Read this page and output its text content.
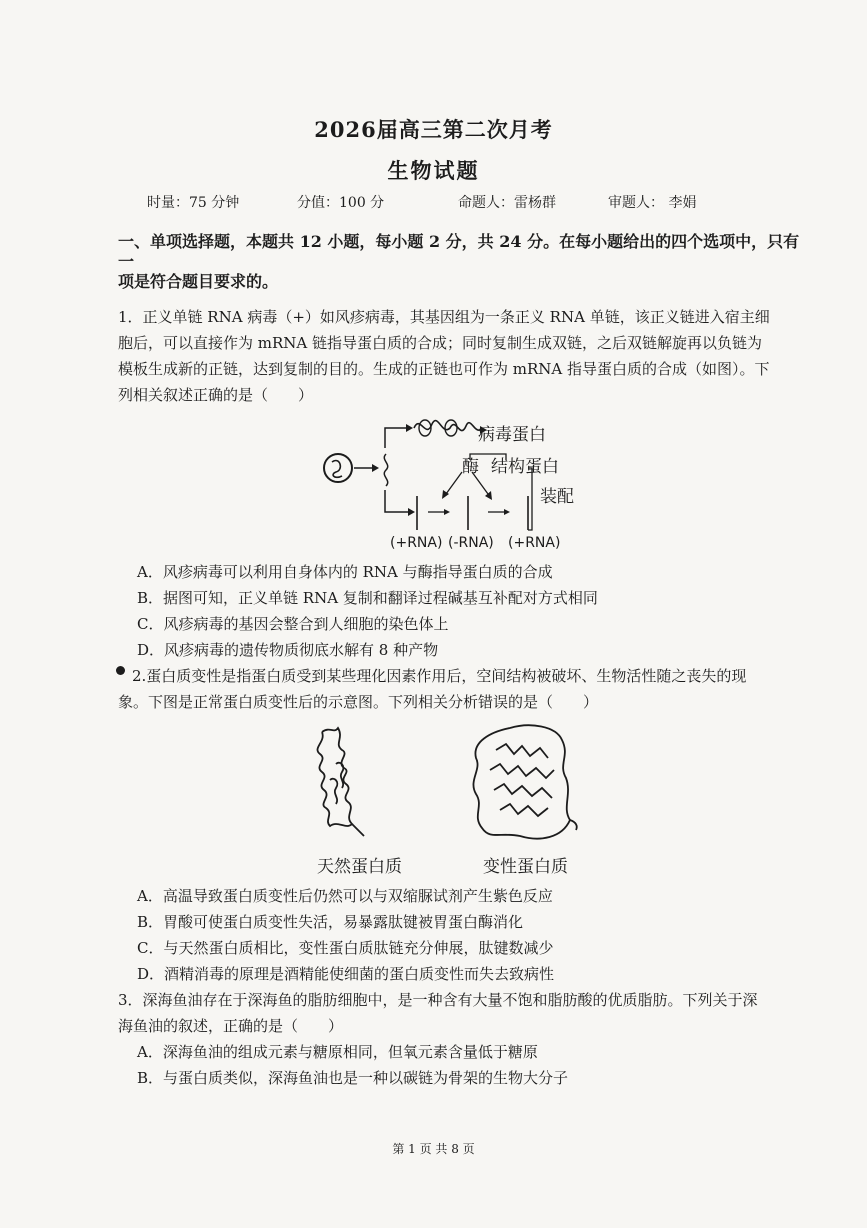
2026届高三第二次月考
生物试题
时量：75 分钟	分值：100 分	命题人：雷杨群	审题人： 李娟
一、单项选择题，本题共 12 小题，每小题 2 分，共 24 分。在每小题给出的四个选项中，只有一
项是符合题目要求的。
1．正义单链 RNA 病毒（+）如风疹病毒，其基因组为一条正义 RNA 单链，该正义链进入宿主细
胞后，可以直接作为 mRNA 链指导蛋白质的合成；同时复制生成双链，之后双链解旋再以负链为
模板生成新的正链，达到复制的目的。生成的正链也可作为 mRNA 指导蛋白质的合成（如图）。下
列相关叙述正确的是（　　）
病毒蛋白
酶 结构蛋白
装配
(+RNA) (-RNA) (+RNA)
A．风疹病毒可以利用自身体内的 RNA 与酶指导蛋白质的合成
B．据图可知，正义单链 RNA 复制和翻译过程碱基互补配对方式相同
C．风疹病毒的基因会整合到人细胞的染色体上
D．风疹病毒的遗传物质彻底水解有 8 种产物
2.蛋白质变性是指蛋白质受到某些理化因素作用后，空间结构被破坏、生物活性随之丧失的现
象。下图是正常蛋白质变性后的示意图。下列相关分析错误的是（　　）
天然蛋白质	变性蛋白质
A．高温导致蛋白质变性后仍然可以与双缩脲试剂产生紫色反应
B．胃酸可使蛋白质变性失活，易暴露肽键被胃蛋白酶消化
C．与天然蛋白质相比，变性蛋白质肽链充分伸展，肽键数减少
D．酒精消毒的原理是酒精能使细菌的蛋白质变性而失去致病性
3．深海鱼油存在于深海鱼的脂肪细胞中，是一种含有大量不饱和脂肪酸的优质脂肪。下列关于深
海鱼油的叙述，正确的是（　　）
A．深海鱼油的组成元素与糖原相同，但氧元素含量低于糖原
B．与蛋白质类似，深海鱼油也是一种以碳链为骨架的生物大分子
第 1 页 共 8 页
